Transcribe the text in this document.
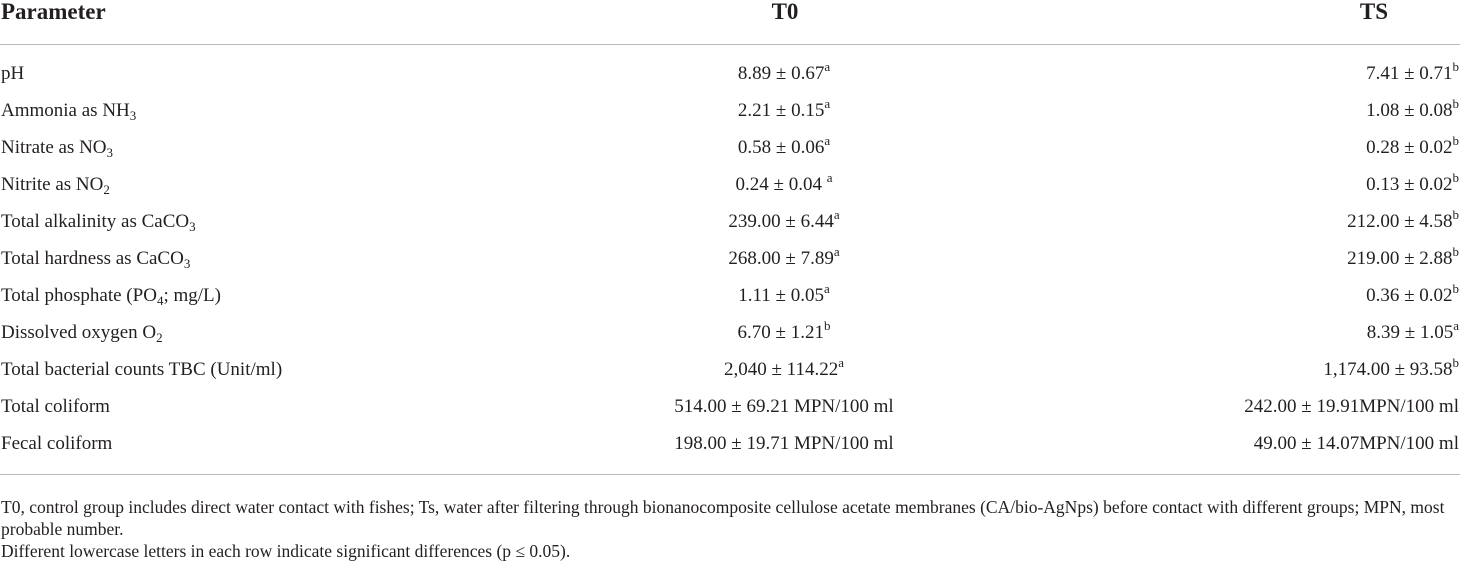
Parameter	T0	TS
pH	8.89 ± 0.67$^a$	7.41 ± 0.71$^b$
Ammonia as $NH_3$	2.21 ± 0.15$^a$	1.08 ± 0.08$^b$
Nitrate as $NO_3$	0.58 ± 0.06$^a$	0.28 ± 0.02$^b$
Nitrite as $NO_2$	0.24 ± 0.04 $^a$	0.13 ± 0.02$^b$
Total alkalinity as CaCO$_3$	239.00 ± 6.44$^a$	212.00 ± 4.58$^b$
Total hardness as CaCO$_3$	268.00 ± 7.89$^a$	219.00 ± 2.88$^b$
Total phosphate ($PO_4$; mg/L)	1.11 ± 0.05$^a$	0.36 ± 0.02$^b$
Dissolved oxygen $O_2$	6.70 ± 1.21$^b$	8.39 ± 1.05$^a$
Total bacterial counts TBC (Unit/ml)	2,040 ± 114.22$^a$	1,174.00 ± 93.58$^b$
Total coliform	514.00 ± 69.21 MPN/100 ml	242.00 ± 19.91MPN/100 ml
Fecal coliform	198.00 ± 19.71 MPN/100 ml	49.00 ± 14.07MPN/100 ml

T0, control group includes direct water contact with fishes; Ts, water after filtering through bionanocomposite cellulose acetate membranes (CA/bio-AgNps) before contact with different groups; MPN, most probable number.

Different lowercase letters in each row indicate significant differences (p ≤ 0.05).
